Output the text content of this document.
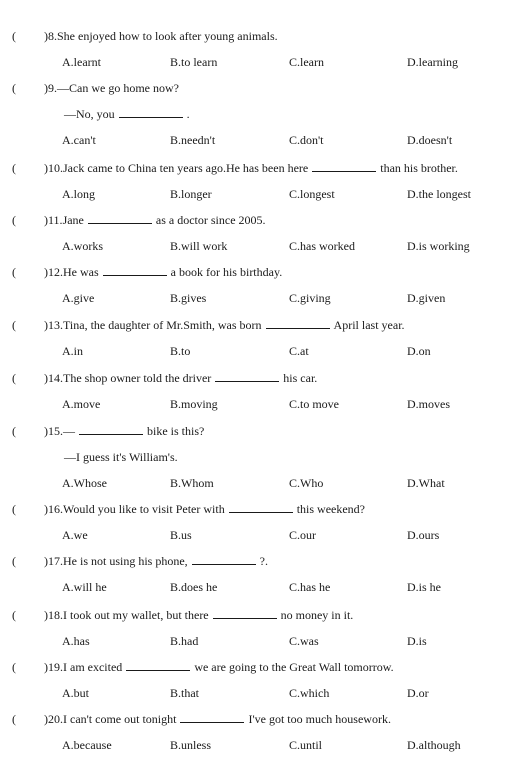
( ) 8.She enjoyed how to look after young animals.
A.learnt	B.to learn	C.learn	D.learning
( ) 9.—Can we go home now?
—No, you	.
A.can't	B.needn't	C.don't	D.doesn't
( ) 10.Jack came to China ten years ago.He has been here	than his brother.
A.long	B.longer	C.longest	D.the longest
( ) 11.Jane	as a doctor since 2005.
A.works	B.will work	C.has worked	D.is working
( ) 12.He was	a book for his birthday.
A.give	B.gives	C.giving	D.given
( ) 13.Tina, the daughter of Mr.Smith, was born	April last year.
A.in	B.to	C.at	D.on
( ) 14.The shop owner told the driver	his car.
A.move	B.moving	C.to move	D.moves
( ) 15.—	bike is this?
—I guess it's William's.
A.Whose	B.Whom	C.Who	D.What
( ) 16.Would you like to visit Peter with	this weekend?
A.we	B.us	C.our	D.ours
( ) 17.He is not using his phone,	?.
A.will he	B.does he	C.has he	D.is he
( ) 18.I took out my wallet, but there	no money in it.
A.has	B.had	C.was	D.is
( ) 19.I am excited	we are going to the Great Wall tomorrow.
A.but	B.that	C.which	D.or
( ) 20.I can't come out tonight	I've got too much housework.
A.because	B.unless	C.until	D.although
